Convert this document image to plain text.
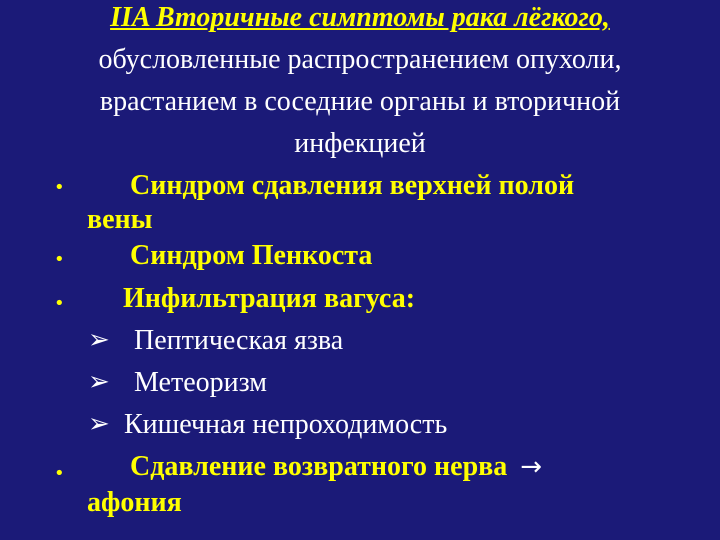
IIA Вторичные симптомы рака лёгкого,
обусловленные распространением опухоли,
врастанием в соседние органы и вторичной
инфекцией
• Синдром сдавления верхней полой
вены
• Синдром Пенкоста
• Инфильтрация вагуса:
➢ Пептическая язва
➢ Метеоризм
➢ Кишечная непроходимость
• Сдавление возвратного нерва →
афония
